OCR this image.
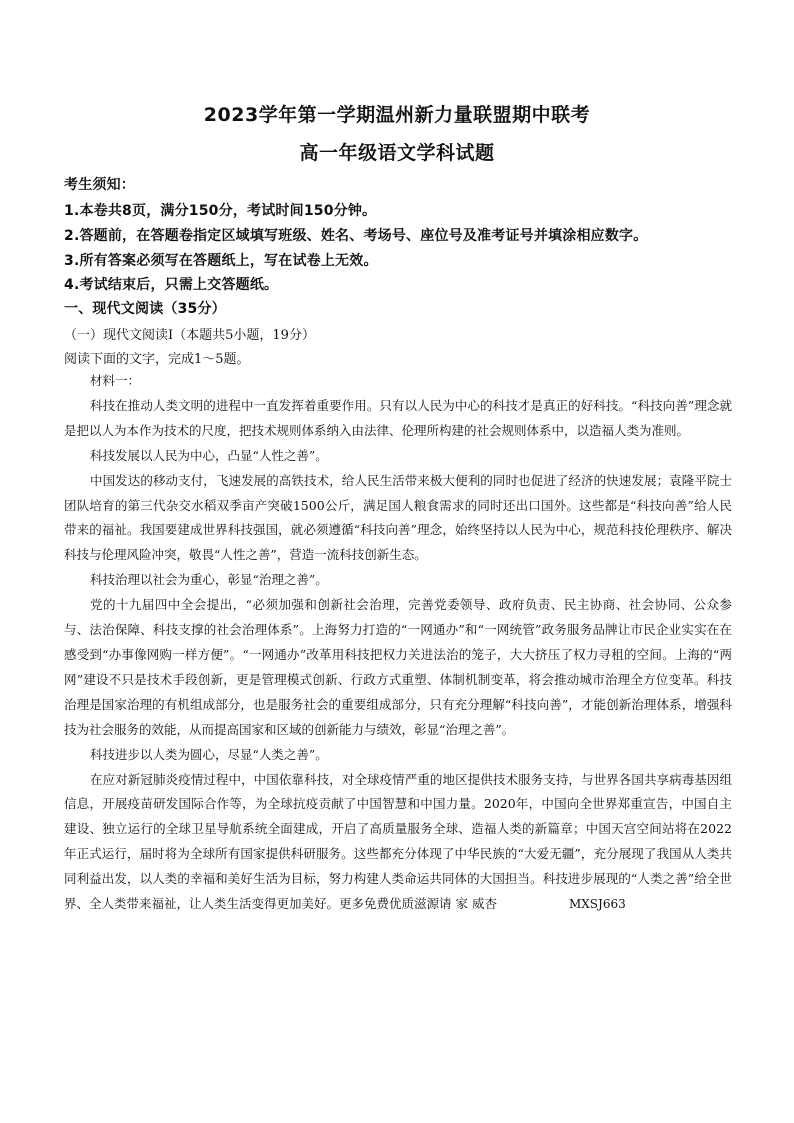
2023学年第一学期温州新力量联盟期中联考
高一年级语文学科试题
考生须知：
1.本卷共8页，满分150分，考试时间150分钟。
2.答题前，在答题卷指定区域填写班级、姓名、考场号、座位号及准考证号并填涂相应数字。
3.所有答案必须写在答题纸上，写在试卷上无效。
4.考试结束后，只需上交答题纸。
一、现代文阅读（35分）
（一）现代文阅读Ⅰ（本题共5小题，19分）
阅读下面的文字，完成1～5题。

材料一：

科技在推动人类文明的进程中一直发挥着重要作用。只有以人民为中心的科技才是真正的好科技。“科技向善”理念就是把以人为本作为技术的尺度，把技术规则体系纳入由法律、伦理所构建的社会规则体系中，以造福人类为准则。

科技发展以人民为中心，凸显“人性之善”。

中国发达的移动支付，飞速发展的高铁技术，给人民生活带来极大便利的同时也促进了经济的快速发展；袁隆平院士团队培育的第三代杂交水稻双季亩产突破1500公斤，满足国人粮食需求的同时还出口国外。这些都是“科技向善”给人民带来的福祉。我国要建成世界科技强国，就必须遵循“科技向善”理念，始终坚持以人民为中心，规范科技伦理秩序、解决科技与伦理风险冲突，敬畏“人性之善”，营造一流科技创新生态。

科技治理以社会为重心，彰显“治理之善”。

党的十九届四中全会提出，“必须加强和创新社会治理，完善党委领导、政府负责、民主协商、社会协同、公众参与、法治保障、科技支撑的社会治理体系”。上海努力打造的“一网通办”和“一网统管”政务服务品牌让市民企业实实在在感受到“办事像网购一样方便”。“一网通办”改革用科技把权力关进法治的笼子，大大挤压了权力寻租的空间。上海的“两网”建设不只是技术手段创新，更是管理模式创新、行政方式重塑、体制机制变革，将会推动城市治理全方位变革。科技治理是国家治理的有机组成部分，也是服务社会的重要组成部分，只有充分理解“科技向善”，才能创新治理体系，增强科技为社会服务的效能，从而提高国家和区域的创新能力与绩效，彰显“治理之善”。

科技进步以人类为圆心，尽显“人类之善”。

在应对新冠肺炎疫情过程中，中国依靠科技，对全球疫情严重的地区提供技术服务支持，与世界各国共享病毒基因组信息，开展疫苗研发国际合作等，为全球抗疫贡献了中国智慧和中国力量。2020年，中国向全世界郑重宣告，中国自主建设、独立运行的全球卫星导航系统全面建成，开启了高质量服务全球、造福人类的新篇章；中国天宫空间站将在2022年正式运行，届时将为全球所有国家提供科研服务。这些都充分体现了中华民族的“大爱无疆”，充分展现了我国从人类共同利益出发，以人类的幸福和美好生活为目标，努力构建人类命运共同体的大国担当。科技进步展现的“人类之善”给全世界、全人类带来福祉，让人类生活变得更加美好。更多免费优质滋源请 家 威杏	MXSJ663
